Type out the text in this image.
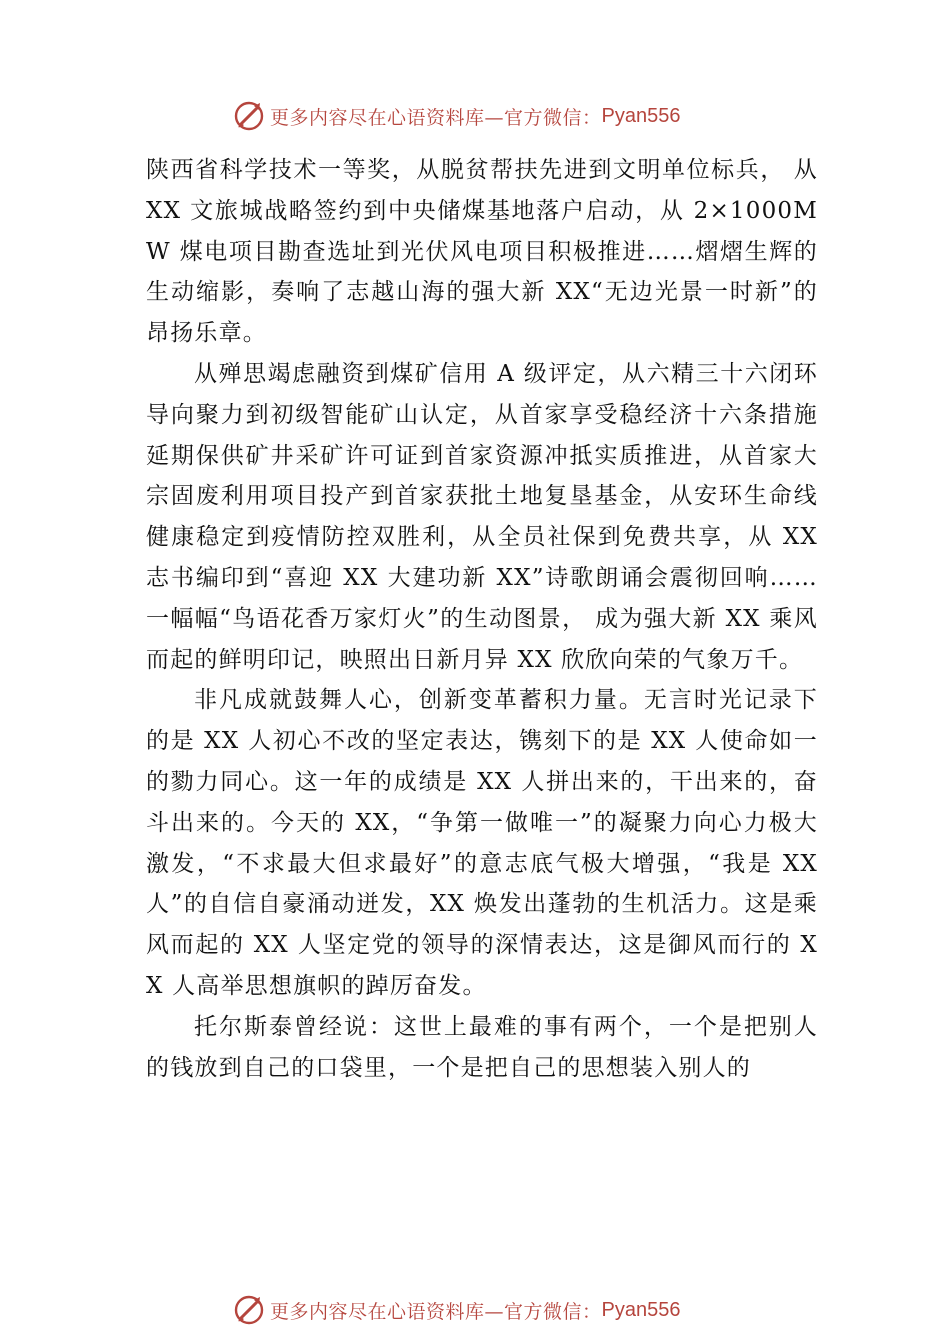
更多内容尽在心语资料库—官方微信： Pyan556

陕西省科学技术一等奖，从脱贫帮扶先进到文明单位标兵， 从 XX 文旅城战略签约到中央储煤基地落户启动，从 2×1000MW 煤电项目勘查选址到光伏风电项目积极推进……熠熠生辉的生动缩影，奏响了志越山海的强大新 XX“无边光景一时新”的昂扬乐章。

从殚思竭虑融资到煤矿信用 A 级评定，从六精三十六闭环导向聚力到初级智能矿山认定，从首家享受稳经济十六条措施延期保供矿井采矿许可证到首家资源冲抵实质推进，从首家大宗固废利用项目投产到首家获批土地复垦基金，从安环生命线健康稳定到疫情防控双胜利，从全员社保到免费共享，从 XX 志书编印到“喜迎 XX 大建功新 XX”诗歌朗诵会震彻回响……一幅幅“鸟语花香万家灯火”的生动图景， 成为强大新 XX 乘风而起的鲜明印记，映照出日新月异 XX 欣欣向荣的气象万千。

非凡成就鼓舞人心，创新变革蓄积力量。无言时光记录下的是 XX 人初心不改的坚定表达，镌刻下的是 XX 人使命如一的勠力同心。这一年的成绩是 XX 人拼出来的，干出来的，奋斗出来的。今天的 XX，“争第一做唯一”的凝聚力向心力极大激发，“不求最大但求最好”的意志底气极大增强，“我是 XX 人”的自信自豪涌动迸发，XX 焕发出蓬勃的生机活力。这是乘风而起的 XX 人坚定党的领导的深情表达，这是御风而行的 XX 人高举思想旗帜的踔厉奋发。

托尔斯泰曾经说：这世上最难的事有两个，一个是把别人的钱放到自己的口袋里，一个是把自己的思想装入别人的

更多内容尽在心语资料库—官方微信： Pyan556
